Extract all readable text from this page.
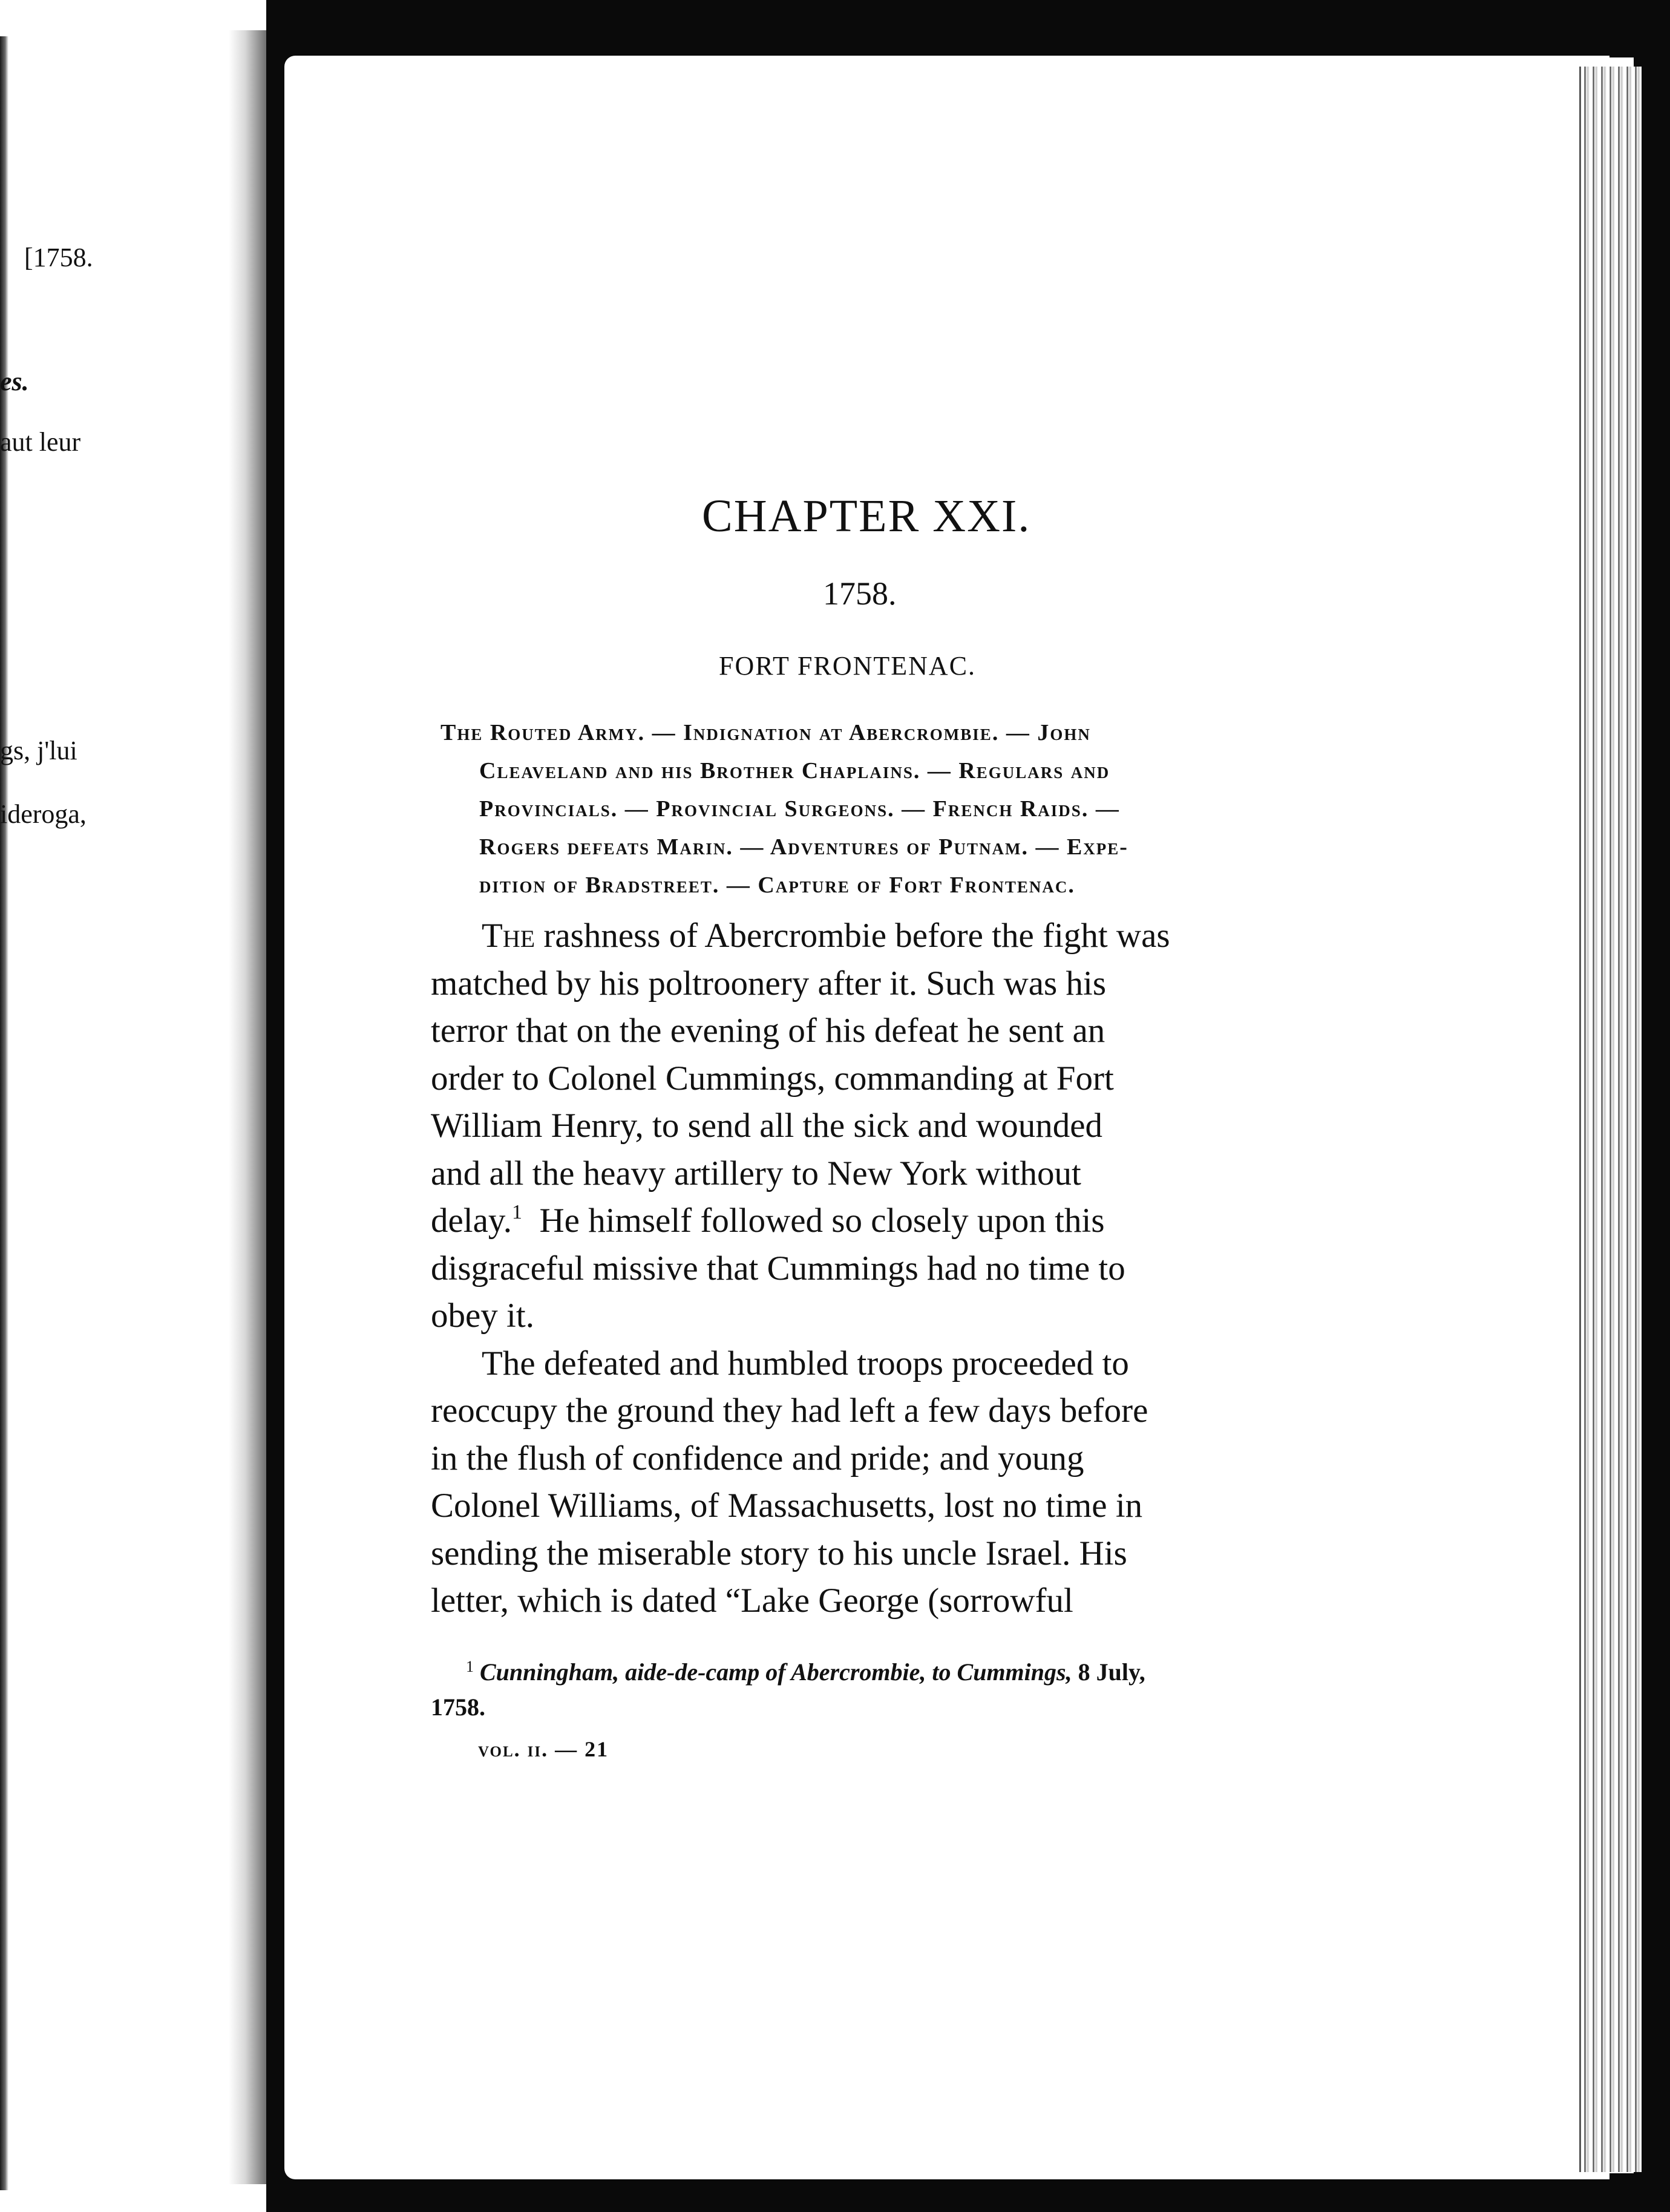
[1758.
es.
aut leur
gs, j'lui
ideroga,
CHAPTER XXI.
1758.
FORT FRONTENAC.
The Routed Army. — Indignation at Abercrombie. — John
Cleaveland and his Brother Chaplains. — Regulars and
Provincials. — Provincial Surgeons. — French Raids. —
Rogers defeats Marin. — Adventures of Putnam. — Expe-
dition of Bradstreet. — Capture of Fort Frontenac.
The rashness of Abercrombie before the fight was
matched by his poltroonery after it. Such was his
terror that on the evening of his defeat he sent an
order to Colonel Cummings, commanding at Fort
William Henry, to send all the sick and wounded
and all the heavy artillery to New York without
delay.$^1$  He himself followed so closely upon this
disgraceful missive that Cummings had no time to
obey it.
The defeated and humbled troops proceeded to
reoccupy the ground they had left a few days before
in the flush of confidence and pride; and young
Colonel Williams, of Massachusetts, lost no time in
sending the miserable story to his uncle Israel. His
letter, which is dated “Lake George (sorrowful
$^1$ Cunningham, aide-de-camp of Abercrombie, to Cummings, 8 July,
1758.
vol. ii. — 21
